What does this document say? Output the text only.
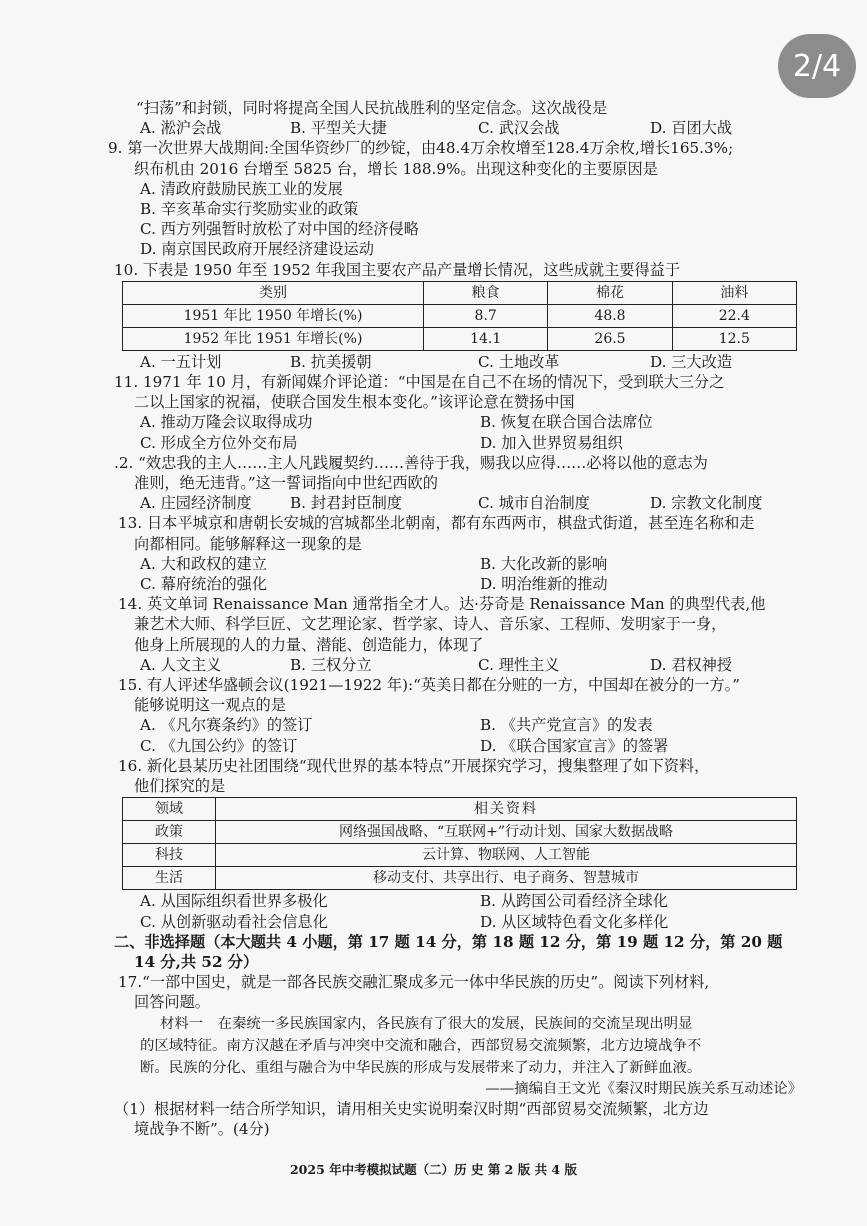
2/4
“扫荡”和封锁，同时将提高全国人民抗战胜利的坚定信念。这次战役是
A. 淞沪会战	B. 平型关大捷	C. 武汉会战	D. 百团大战
9. 第一次世界大战期间:全国华资纱厂的纱锭，由48.4万余枚增至128.4万余枚,增长165.3%;
织布机由 2016 台增至 5825 台，增长 188.9%。出现这种变化的主要原因是
A. 清政府鼓励民族工业的发展
B. 辛亥革命实行奖励实业的政策
C. 西方列强暂时放松了对中国的经济侵略
D. 南京国民政府开展经济建设运动
10. 下表是 1950 年至 1952 年我国主要农产品产量增长情况，这些成就主要得益于
类别	粮食	棉花	油料
1951 年比 1950 年增长(%)	8.7	48.8	22.4
1952 年比 1951 年增长(%)	14.1	26.5	12.5
A. 一五计划	B. 抗美援朝	C. 土地改革	D. 三大改造
11. 1971 年 10 月，有新闻媒介评论道：“中国是在自己不在场的情况下，受到联大三分之
二以上国家的祝福，使联合国发生根本变化。”该评论意在赞扬中国
A. 推动万隆会议取得成功	B. 恢复在联合国合法席位
C. 形成全方位外交布局	D. 加入世界贸易组织
.2. “效忠我的主人……主人凡践履契约……善待于我，赐我以应得……必将以他的意志为
准则，绝无违背。”这一誓词指向中世纪西欧的
A. 庄园经济制度	B. 封君封臣制度	C. 城市自治制度	D. 宗教文化制度
13. 日本平城京和唐朝长安城的宫城都坐北朝南，都有东西两市，棋盘式街道，甚至连名称和走
向都相同。能够解释这一现象的是
A. 大和政权的建立	B. 大化改新的影响
C. 幕府统治的强化	D. 明治维新的推动
14. 英文单词 Renaissance Man 通常指全才人。达·芬奇是 Renaissance Man 的典型代表,他
兼艺术大师、科学巨匠、文艺理论家、哲学家、诗人、音乐家、工程师、发明家于一身，
他身上所展现的人的力量、潜能、创造能力，体现了
A. 人文主义	B. 三权分立	C. 理性主义	D. 君权神授
15. 有人评述华盛顿会议(1921—1922 年):“英美日都在分赃的一方，中国却在被分的一方。”
能够说明这一观点的是
A. 《凡尔赛条约》的签订	B. 《共产党宣言》的发表
C. 《九国公约》的签订	D. 《联合国家宣言》的签署
16. 新化县某历史社团围绕“现代世界的基本特点”开展探究学习，搜集整理了如下资料，
他们探究的是
领域	相关资料
政策	网络强国战略、“互联网+”行动计划、国家大数据战略
科技	云计算、物联网、人工智能
生活	移动支付、共享出行、电子商务、智慧城市
A. 从国际组织看世界多极化	B. 从跨国公司看经济全球化
C. 从创新驱动看社会信息化	D. 从区域特色看文化多样化
二、非选择题（本大题共 4 小题，第 17 题 14 分，第 18 题 12 分，第 19 题 12 分，第 20 题
14 分,共 52 分）
17.“一部中国史，就是一部各民族交融汇聚成多元一体中华民族的历史”。阅读下列材料,
回答问题。
材料一　在秦统一多民族国家内，各民族有了很大的发展，民族间的交流呈现出明显
的区域特征。南方汉越在矛盾与冲突中交流和融合，西部贸易交流频繁，北方边境战争不
断。民族的分化、重组与融合为中华民族的形成与发展带来了动力，并注入了新鲜血液。
——摘编自王文光《秦汉时期民族关系互动述论》
（1）根据材料一结合所学知识，请用相关史实说明秦汉时期“西部贸易交流频繁，北方边
境战争不断”。(4分)
2025 年中考模拟试题（二）历 史 第 2 版 共 4 版
